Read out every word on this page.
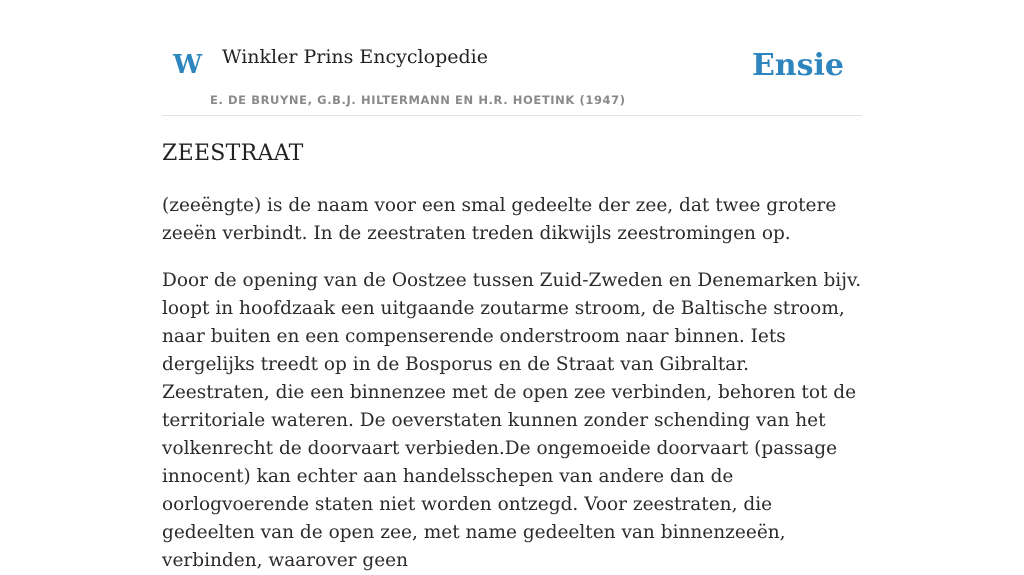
W Winkler Prins Encyclopedie
E. DE BRUYNE, G.B.J. HILTERMANN EN H.R. HOETINK (1947)
Ensie
ZEESTRAAT

(zeeëngte) is de naam voor een smal gedeelte der zee, dat twee grotere zeeën verbindt. In de zeestraten treden dikwijls zeestromingen op.

Door de opening van de Oostzee tussen Zuid-Zweden en Denemarken bijv. loopt in hoofdzaak een uitgaande zoutarme stroom, de Baltische stroom, naar buiten en een compenserende onderstroom naar binnen. Iets dergelijks treedt op in de Bosporus en de Straat van Gibraltar. Zeestraten, die een binnenzee met de open zee verbinden, behoren tot de territoriale wateren. De oeverstaten kunnen zonder schending van het volkenrecht de doorvaart verbieden.De ongemoeide doorvaart (passage innocent) kan echter aan handelsschepen van andere dan de oorlogvoerende staten niet worden ontzegd. Voor zeestraten, die gedeelten van de open zee, met name gedeelten van binnenzeeën, verbinden, waarover geen
